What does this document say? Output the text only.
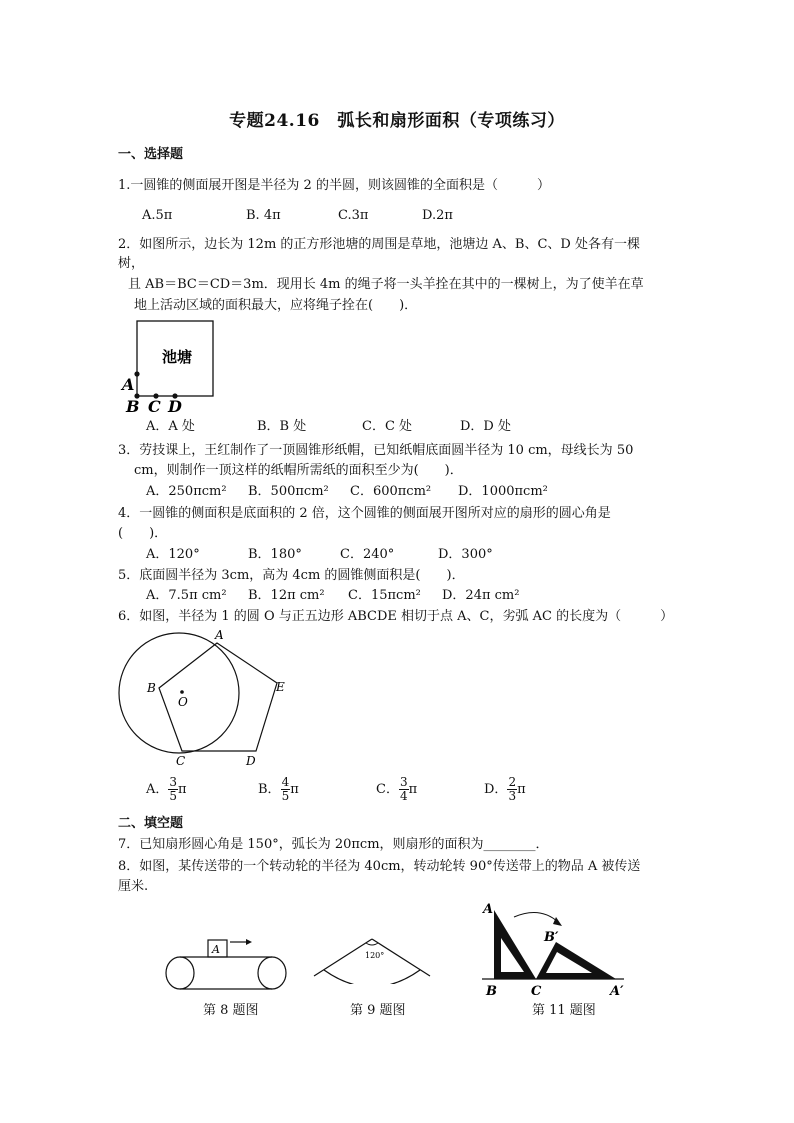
专题24.16　弧长和扇形面积（专项练习）
一、选择题
1.一圆锥的侧面展开图是半径为 2 的半圆，则该圆锥的全面积是（　　　）
A.5π	B. 4π	C.3π	D.2π
2．如图所示，边长为 12m 的正方形池塘的周围是草地，池塘边 A、B、C、D 处各有一棵
树，
且 AB＝BC＝CD＝3m．现用长 4m 的绳子将一头羊拴在其中的一棵树上，为了使羊在草
地上活动区域的面积最大，应将绳子拴在(　　)．
池塘
A
B C D
A．A 处	B．B 处	C．C 处	D．D 处
3．劳技课上，王红制作了一顶圆锥形纸帽，已知纸帽底面圆半径为 10 cm，母线长为 50
cm，则制作一顶这样的纸帽所需纸的面积至少为(　　)．
A．250πcm² B．500πcm² C．600πcm² D．1000πcm²
4．一圆锥的侧面积是底面积的 2 倍，这个圆锥的侧面展开图所对应的扇形的圆心角是
(　　)．
A．120°	B．180°	C．240°	D．300°
5．底面圆半径为 3cm，高为 4cm 的圆锥侧面积是(　　)．
A．7.5π cm² B．12π cm² C．15πcm² D．24π cm²
6．如图，半径为 1 的圆 O 与正五边形 ABCDE 相切于点 A、C，劣弧 AC 的长度为（　　　）
A
B
O
E
C	D
A． $\frac{3}{5}$ π	B． $\frac{4}{5}$ π	C． $\frac{3}{4}$ π	D． $\frac{2}{3}$ π
二、填空题
7．已知扇形圆心角是 150°，弧长为 20πcm，则扇形的面积为________．
8．如图，某传送带的一个转动轮的半径为 40cm，转动轮转 90°传送带上的物品 A 被传送
厘米.
A	120°
A
B′
B	C	A′
第 8 题图	第 9 题图	第 11 题图
